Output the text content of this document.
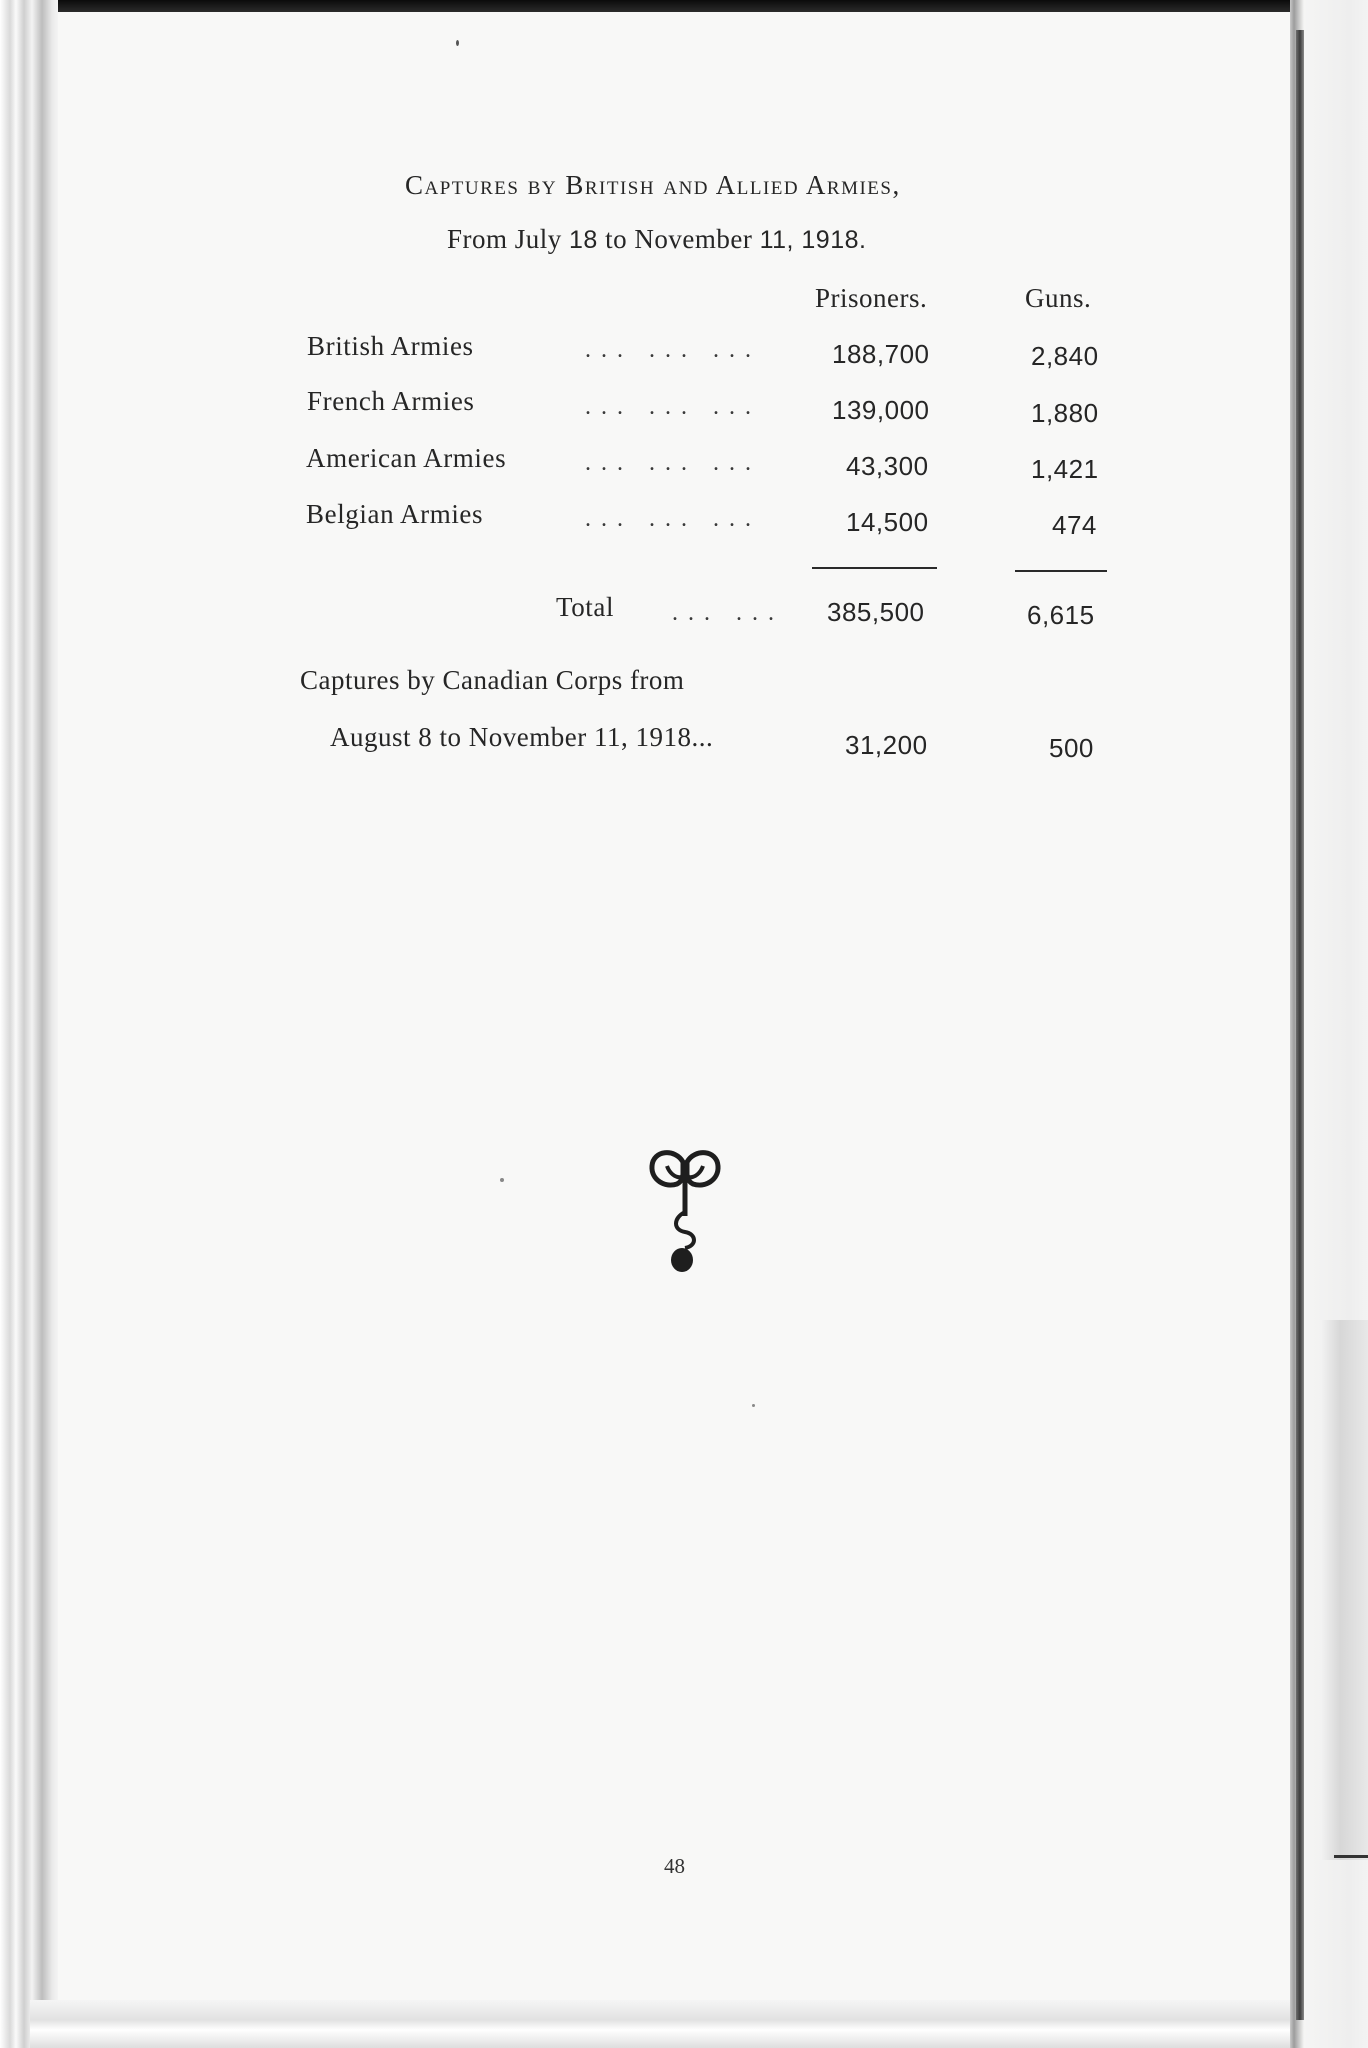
Captures by British and Allied Armies,
From July 18 to November 11, 1918.
Prisoners.	Guns.
British Armies	... ... ...	188,700	2,840
French Armies	... ... ...	139,000	1,880
American Armies	... ... ...	43,300	1,421
Belgian Armies	... ... ...	14,500	474
Total ... ... 385,500	6,615
Captures by Canadian Corps from
August 8 to November 11, 1918...	31,200	500
48
